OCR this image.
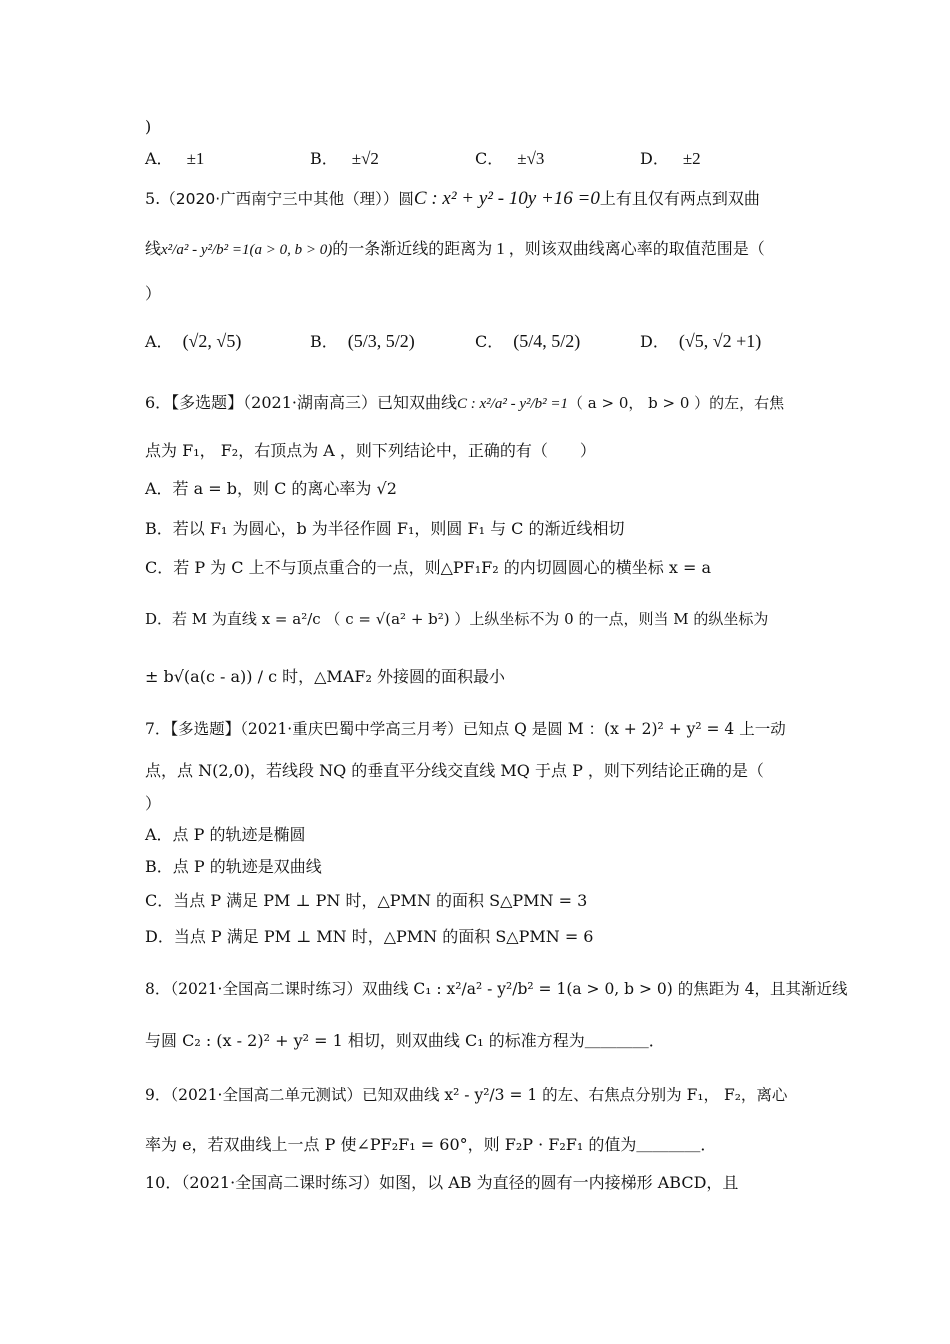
)
A． ±1	B． ±√2	C． ±√3	D． ±2
5.（2020·广西南宁三中其他（理））圆C : x² + y² - 10y +16 =0上有且仅有两点到双曲
线x²/a² - y²/b² =1(a > 0, b > 0)的一条渐近线的距离为 1 ，则该双曲线离心率的取值范围是（
）
A． (√2, √5)	B． (5/3, 5/2)	C． (5/4, 5/2)	D． (√5, √2 +1)
6．【多选题】（2021·湖南高三）已知双曲线C : x²/a² - y²/b² =1（ a > 0， b > 0 ）的左，右焦
点为 F₁， F₂，右顶点为 A ，则下列结论中，正确的有（　　）
A．若 a = b，则 C 的离心率为 √2
B．若以 F₁ 为圆心，b 为半径作圆 F₁，则圆 F₁ 与 C 的渐近线相切
C．若 P 为 C 上不与顶点重合的一点，则△PF₁F₂ 的内切圆圆心的横坐标 x = a
D．若 M 为直线 x = a²/c （ c = √(a² + b²) ）上纵坐标不为 0 的一点，则当 M 的纵坐标为
± b√(a(c - a)) / c 时，△MAF₂ 外接圆的面积最小
7．【多选题】（2021·重庆巴蜀中学高三月考）已知点 Q 是圆 M ：(x + 2)² + y² = 4 上一动
点，点 N(2,0)，若线段 NQ 的垂直平分线交直线 MQ 于点 P ，则下列结论正确的是（
）
A．点 P 的轨迹是椭圆
B．点 P 的轨迹是双曲线
C．当点 P 满足 PM ⊥ PN 时，△PMN 的面积 S△PMN = 3
D．当点 P 满足 PM ⊥ MN 时，△PMN 的面积 S△PMN = 6
8．（2021·全国高二课时练习）双曲线 C₁ : x²/a² - y²/b² = 1(a > 0, b > 0) 的焦距为 4，且其渐近线
与圆 C₂ : (x - 2)² + y² = 1 相切，则双曲线 C₁ 的标准方程为＿＿＿＿．
9．（2021·全国高二单元测试）已知双曲线 x² - y²/3 = 1 的左、右焦点分别为 F₁， F₂，离心
率为 e，若双曲线上一点 P 使∠PF₂F₁ = 60°，则 F₂P · F₂F₁ 的值为＿＿＿＿．
10．（2021·全国高二课时练习）如图，以 AB 为直径的圆有一内接梯形 ABCD，且
